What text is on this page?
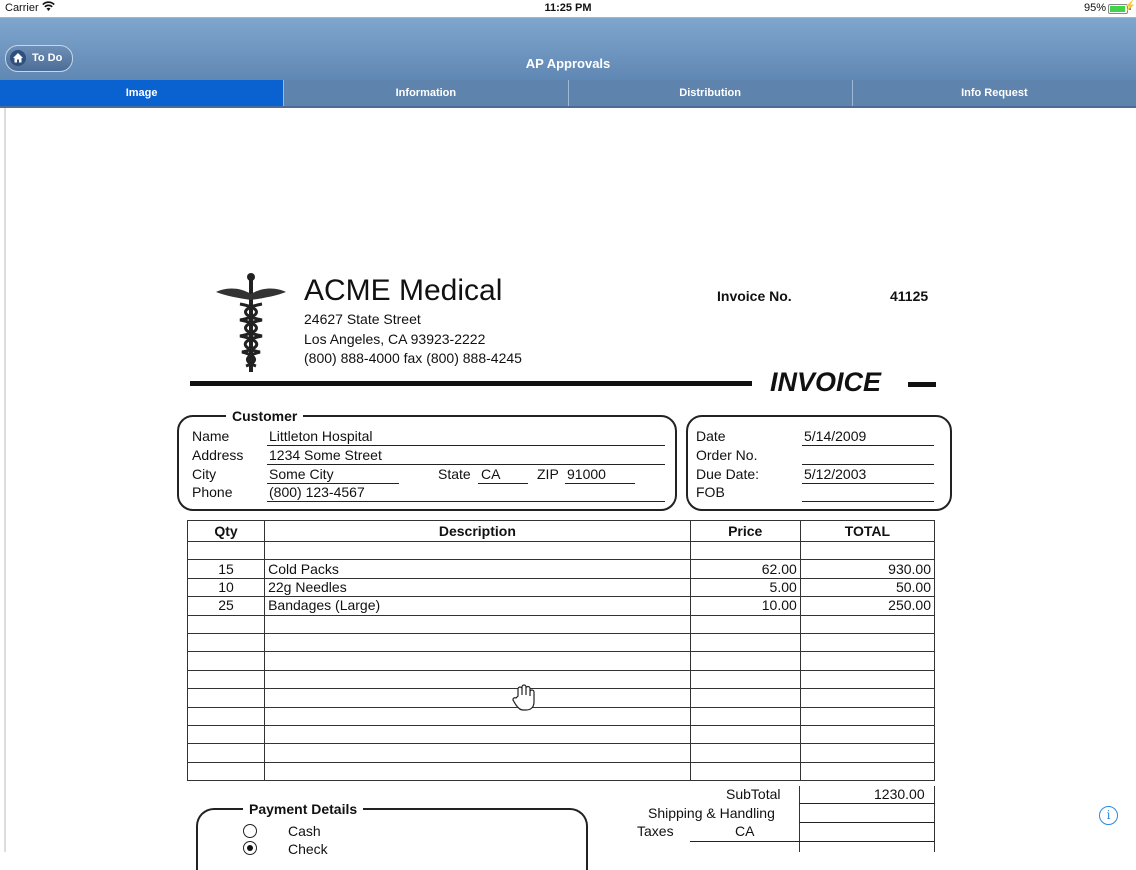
Carrier	11:25 PM	95% ⚡
To Do	AP Approvals
Image	Information	Distribution	Info Request
ACME Medical
24627 State Street
Los Angeles, CA 93923-2222
(800) 888-4000 fax (800) 888-4245
Invoice No.	41125
INVOICE
Customer
Name	Littleton Hospital
Address 1234 Some Street
City	Some City	State CA	ZIP 91000
Phone	(800) 123-4567
Date	5/14/2009
Order No.
Due Date:	5/12/2003
FOB
Qty	Description	Price	TOTAL

15	Cold Packs	62.00	930.00
10	22g Needles	5.00	50.00
25	Bandages (Large)	10.00	250.00

SubTotal	1230.00
Shipping & Handling
Taxes	CA
Payment Details
Cash
Check
i
